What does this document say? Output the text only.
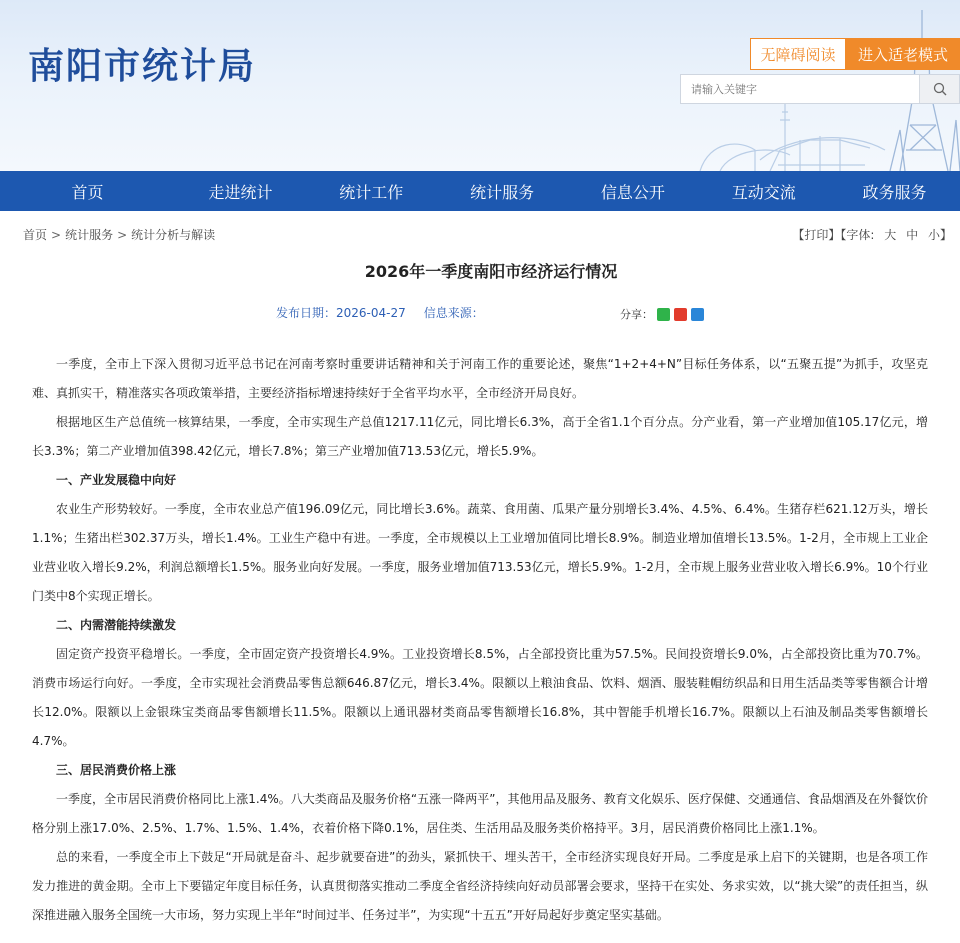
南阳市统计局	无障碍阅读	进入适老模式
请输入关键字
首页	走进统计	统计工作	统计服务	信息公开	互动交流	政务服务
首页 > 统计服务 > 统计分析与解读	【打印】【字体: 大 中 小】
2026年一季度南阳市经济运行情况
发布日期：2026-04-27 信息来源：	分享：

一季度，全市上下深入贯彻习近平总书记在河南考察时重要讲话精神和关于河南工作的重要论述，聚焦“1+2+4+N”目标任务体系，以“五聚五提”为抓手，攻坚克难、真抓实干，精准落实各项政策举措，主要经济指标增速持续好于全省平均水平，全市经济开局良好。

根据地区生产总值统一核算结果，一季度，全市实现生产总值1217.11亿元，同比增长6.3%，高于全省1.1个百分点。分产业看，第一产业增加值105.17亿元，增长3.3%；第二产业增加值398.42亿元，增长7.8%；第三产业增加值713.53亿元，增长5.9%。

一、产业发展稳中向好

农业生产形势较好。一季度，全市农业总产值196.09亿元，同比增长3.6%。蔬菜、食用菌、瓜果产量分别增长3.4%、4.5%、6.4%。生猪存栏621.12万头，增长1.1%；生猪出栏302.37万头，增长1.4%。工业生产稳中有进。一季度，全市规模以上工业增加值同比增长8.9%。制造业增加值增长13.5%。1-2月，全市规上工业企业营业收入增长9.2%，利润总额增长1.5%。服务业向好发展。一季度，服务业增加值713.53亿元，增长5.9%。1-2月，全市规上服务业营业收入增长6.9%。10个行业门类中8个实现正增长。

二、内需潜能持续激发

固定资产投资平稳增长。一季度，全市固定资产投资增长4.9%。工业投资增长8.5%，占全部投资比重为57.5%。民间投资增长9.0%，占全部投资比重为70.7%。消费市场运行向好。一季度，全市实现社会消费品零售总额646.87亿元，增长3.4%。限额以上粮油食品、饮料、烟酒、服装鞋帽纺织品和日用生活品类等零售额合计增长12.0%。限额以上金银珠宝类商品零售额增长11.5%。限额以上通讯器材类商品零售额增长16.8%，其中智能手机增长16.7%。限额以上石油及制品类零售额增长4.7%。

三、居民消费价格上涨

一季度，全市居民消费价格同比上涨1.4%。八大类商品及服务价格“五涨一降两平”，其他用品及服务、教育文化娱乐、医疗保健、交通通信、食品烟酒及在外餐饮价格分别上涨17.0%、2.5%、1.7%、1.5%、1.4%，衣着价格下降0.1%，居住类、生活用品及服务类价格持平。3月，居民消费价格同比上涨1.1%。

总的来看，一季度全市上下鼓足“开局就是奋斗、起步就要奋进”的劲头，紧抓快干、埋头苦干，全市经济实现良好开局。二季度是承上启下的关键期，也是各项工作发力推进的黄金期。全市上下要锚定年度目标任务，认真贯彻落实推动二季度全省经济持续向好动员部署会要求，坚持干在实处、务求实效，以“挑大梁”的责任担当，纵深推进融入服务全国统一大市场，努力实现上半年“时间过半、任务过半”，为实现“十五五”开好局起好步奠定坚实基础。
